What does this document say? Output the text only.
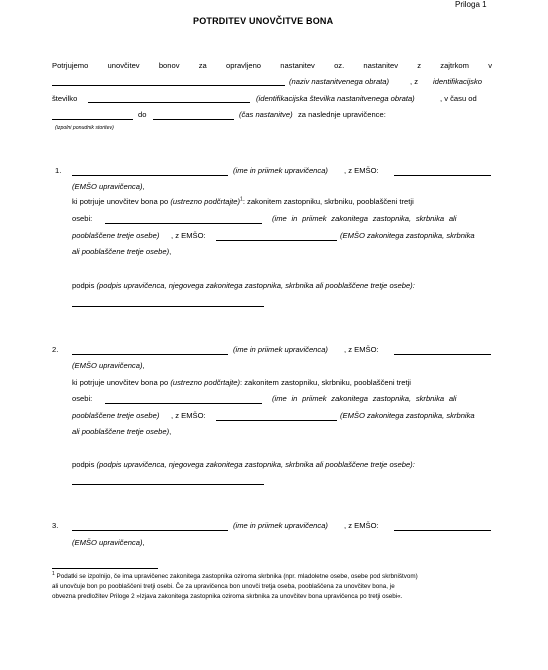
Priloga 1
POTRDITEV UNOVČITVE BONA
Potrjujemo unovčitev bonov za opravljeno nastanitev oz. nastanitev z zajtrkom v
(naziv nastanitvenega obrata)	, z identifikacijsko
številko	(identifikacijska številka nastanitvenega obrata)	, v času od
do	(čas nastanitve) za naslednje upravičence:
(izpolni ponudnik storitev)
1.	(ime in priimek upravičenca) , z EMŠO:
(EMŠO upravičenca),
ki potrjuje unovčitev bona po (ustrezno podčrtajte)$^1$: zakonitem zastopniku, skrbniku, pooblaščeni tretji
osebi:	(ime in priimek zakonitega zastopnika, skrbnika ali
pooblaščene tretje osebe) , z EMŠO:	(EMŠO zakonitega zastopnika, skrbnika
ali pooblaščene tretje osebe),
podpis (podpis upravičenca, njegovega zakonitega zastopnika, skrbnika ali pooblaščene tretje osebe):
2.	(ime in priimek upravičenca) , z EMŠO:
(EMŠO upravičenca),
ki potrjuje unovčitev bona po (ustrezno podčrtajte): zakonitem zastopniku, skrbniku, pooblaščeni tretji
osebi:	(ime in priimek zakonitega zastopnika, skrbnika ali
pooblaščene tretje osebe) , z EMŠO:	(EMŠO zakonitega zastopnika, skrbnika
ali pooblaščene tretje osebe),
podpis (podpis upravičenca, njegovega zakonitega zastopnika, skrbnika ali pooblaščene tretje osebe):
3.	(ime in priimek upravičenca) , z EMŠO:
(EMŠO upravičenca),
$^1$ Podatki se izpolnijo, če ima upravičenec zakonitega zastopnika oziroma skrbnika (npr. mladoletne osebe, osebe pod skrbništvom)
ali unovčuje bon po pooblaščeni tretji osebi. Če za upravičenca bon unovči tretja oseba, pooblaščena za unovčitev bona, je
obvezna predložitev Priloge 2 »Izjava zakonitega zastopnika oziroma skrbnika za unovčitev bona upravičenca po tretji osebi«.
